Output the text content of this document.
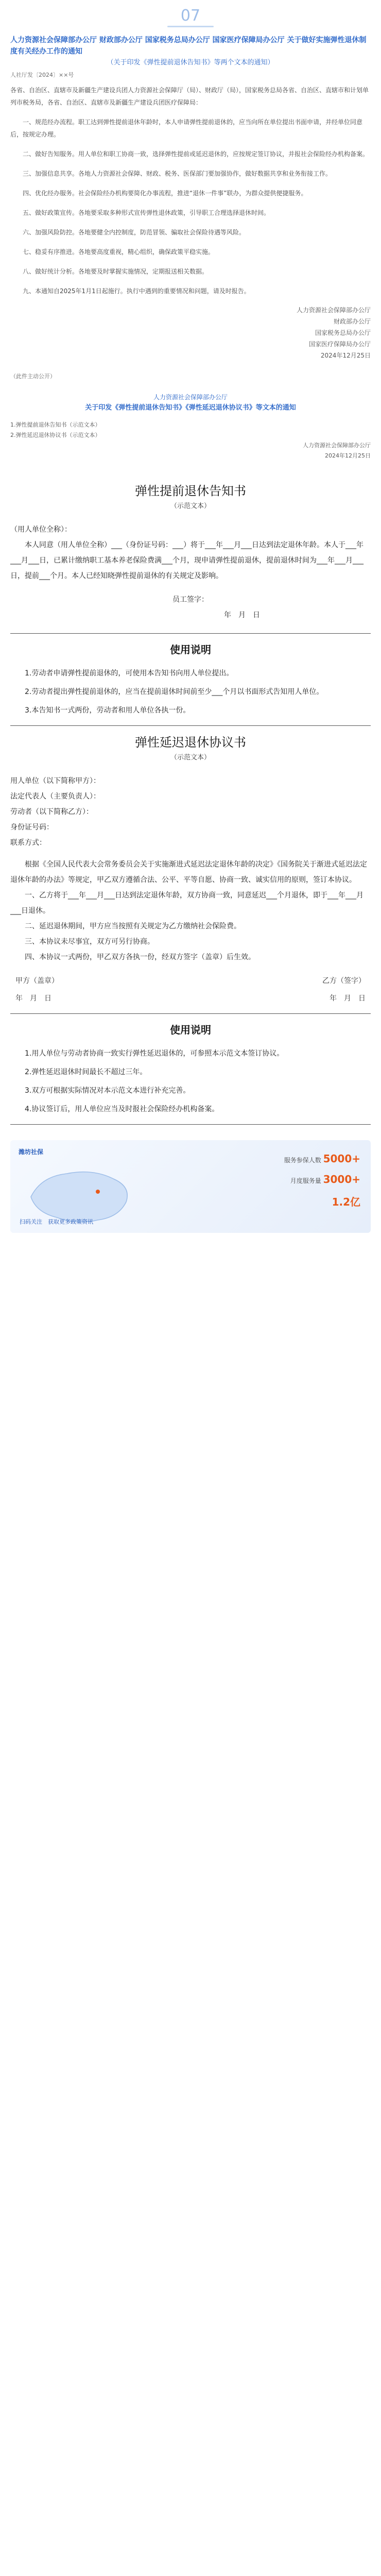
07
人力资源社会保障部办公厅 财政部办公厅 国家税务总局办公厅 国家医疗保障局办公厅 关于做好实施弹性退休制度有关经办工作的通知
（关于印发《弹性提前退休告知书》等两个文本的通知）
人社厅发〔2024〕××号
各省、自治区、直辖市及新疆生产建设兵团人力资源社会保障厅（局）、财政厅（局），国家税务总局各省、自治区、直辖市和计划单列市税务局，各省、自治区、直辖市及新疆生产建设兵团医疗保障局：
一、规范经办流程。职工达到弹性提前退休年龄时，本人申请弹性提前退休的，应当向所在单位提出书面申请，并经单位同意后，按规定办理。
二、做好告知服务。用人单位和职工协商一致，选择弹性提前或延迟退休的，应按规定签订协议，并报社会保险经办机构备案。
三、加强信息共享。各地人力资源社会保障、财政、税务、医保部门要加强协作，做好数据共享和业务衔接工作。
四、优化经办服务。社会保险经办机构要简化办事流程，推进“退休一件事”联办，为群众提供便捷服务。
五、做好政策宣传。各地要采取多种形式宣传弹性退休政策，引导职工合理选择退休时间。
六、加强风险防控。各地要健全内控制度，防范冒领、骗取社会保险待遇等风险。
七、稳妥有序推进。各地要高度重视，精心组织，确保政策平稳实施。
八、做好统计分析。各地要及时掌握实施情况，定期报送相关数据。
九、本通知自2025年1月1日起施行。执行中遇到的重要情况和问题，请及时报告。
人力资源社会保障部办公厅
财政部办公厅
国家税务总局办公厅
国家医疗保障局办公厅
2024年12月25日
（此件主动公开）
人力资源社会保障部办公厅
关于印发《弹性提前退休告知书》《弹性延迟退休协议书》等文本的通知
1.弹性提前退休告知书（示范文本）
2.弹性延迟退休协议书（示范文本）
人力资源社会保障部办公厅
2024年12月25日
弹性提前退休告知书
（示范文本）
（用人单位全称）：
本人同意（用人单位全称）___（身份证号码：___）将于___年___月___日达到法定退休年龄。本人于___年___月___日，已累计缴纳职工基本养老保险费满___个月，现申请弹性提前退休，提前退休时间为___年___月___日，提前___个月。本人已经知晓弹性提前退休的有关规定及影响。
员工签字：
年　月　日
使用说明
1.劳动者申请弹性提前退休的，可使用本告知书向用人单位提出。
2.劳动者提出弹性提前退休的，应当在提前退休时间前至少___个月以书面形式告知用人单位。
3.本告知书一式两份，劳动者和用人单位各执一份。
弹性延迟退休协议书
（示范文本）
用人单位（以下简称甲方）：
法定代表人（主要负责人）：
劳动者（以下简称乙方）：
身份证号码：
联系方式：
根据《全国人民代表大会常务委员会关于实施渐进式延迟法定退休年龄的决定》《国务院关于渐进式延迟法定退休年龄的办法》等规定，甲乙双方遵循合法、公平、平等自愿、协商一致、诚实信用的原则，签订本协议。
一、乙方将于___年___月___日达到法定退休年龄，双方协商一致，同意延迟___个月退休，即于___年___月___日退休。
二、延迟退休期间，甲方应当按照有关规定为乙方缴纳社会保险费。
三、本协议未尽事宜，双方可另行协商。
四、本协议一式两份，甲乙双方各执一份，经双方签字（盖章）后生效。
甲方（盖章）	乙方（签字）
年　月　日	年　月　日
使用说明
1.用人单位与劳动者协商一致实行弹性延迟退休的，可参照本示范文本签订协议。
2.弹性延迟退休时间最长不超过三年。
3.双方可根据实际情况对本示范文本进行补充完善。
4.协议签订后，用人单位应当及时报社会保险经办机构备案。
潍坊社保
服务参保人数 5000+
月度服务量 3000+
1.2亿
扫码关注　获取更多政策资讯
